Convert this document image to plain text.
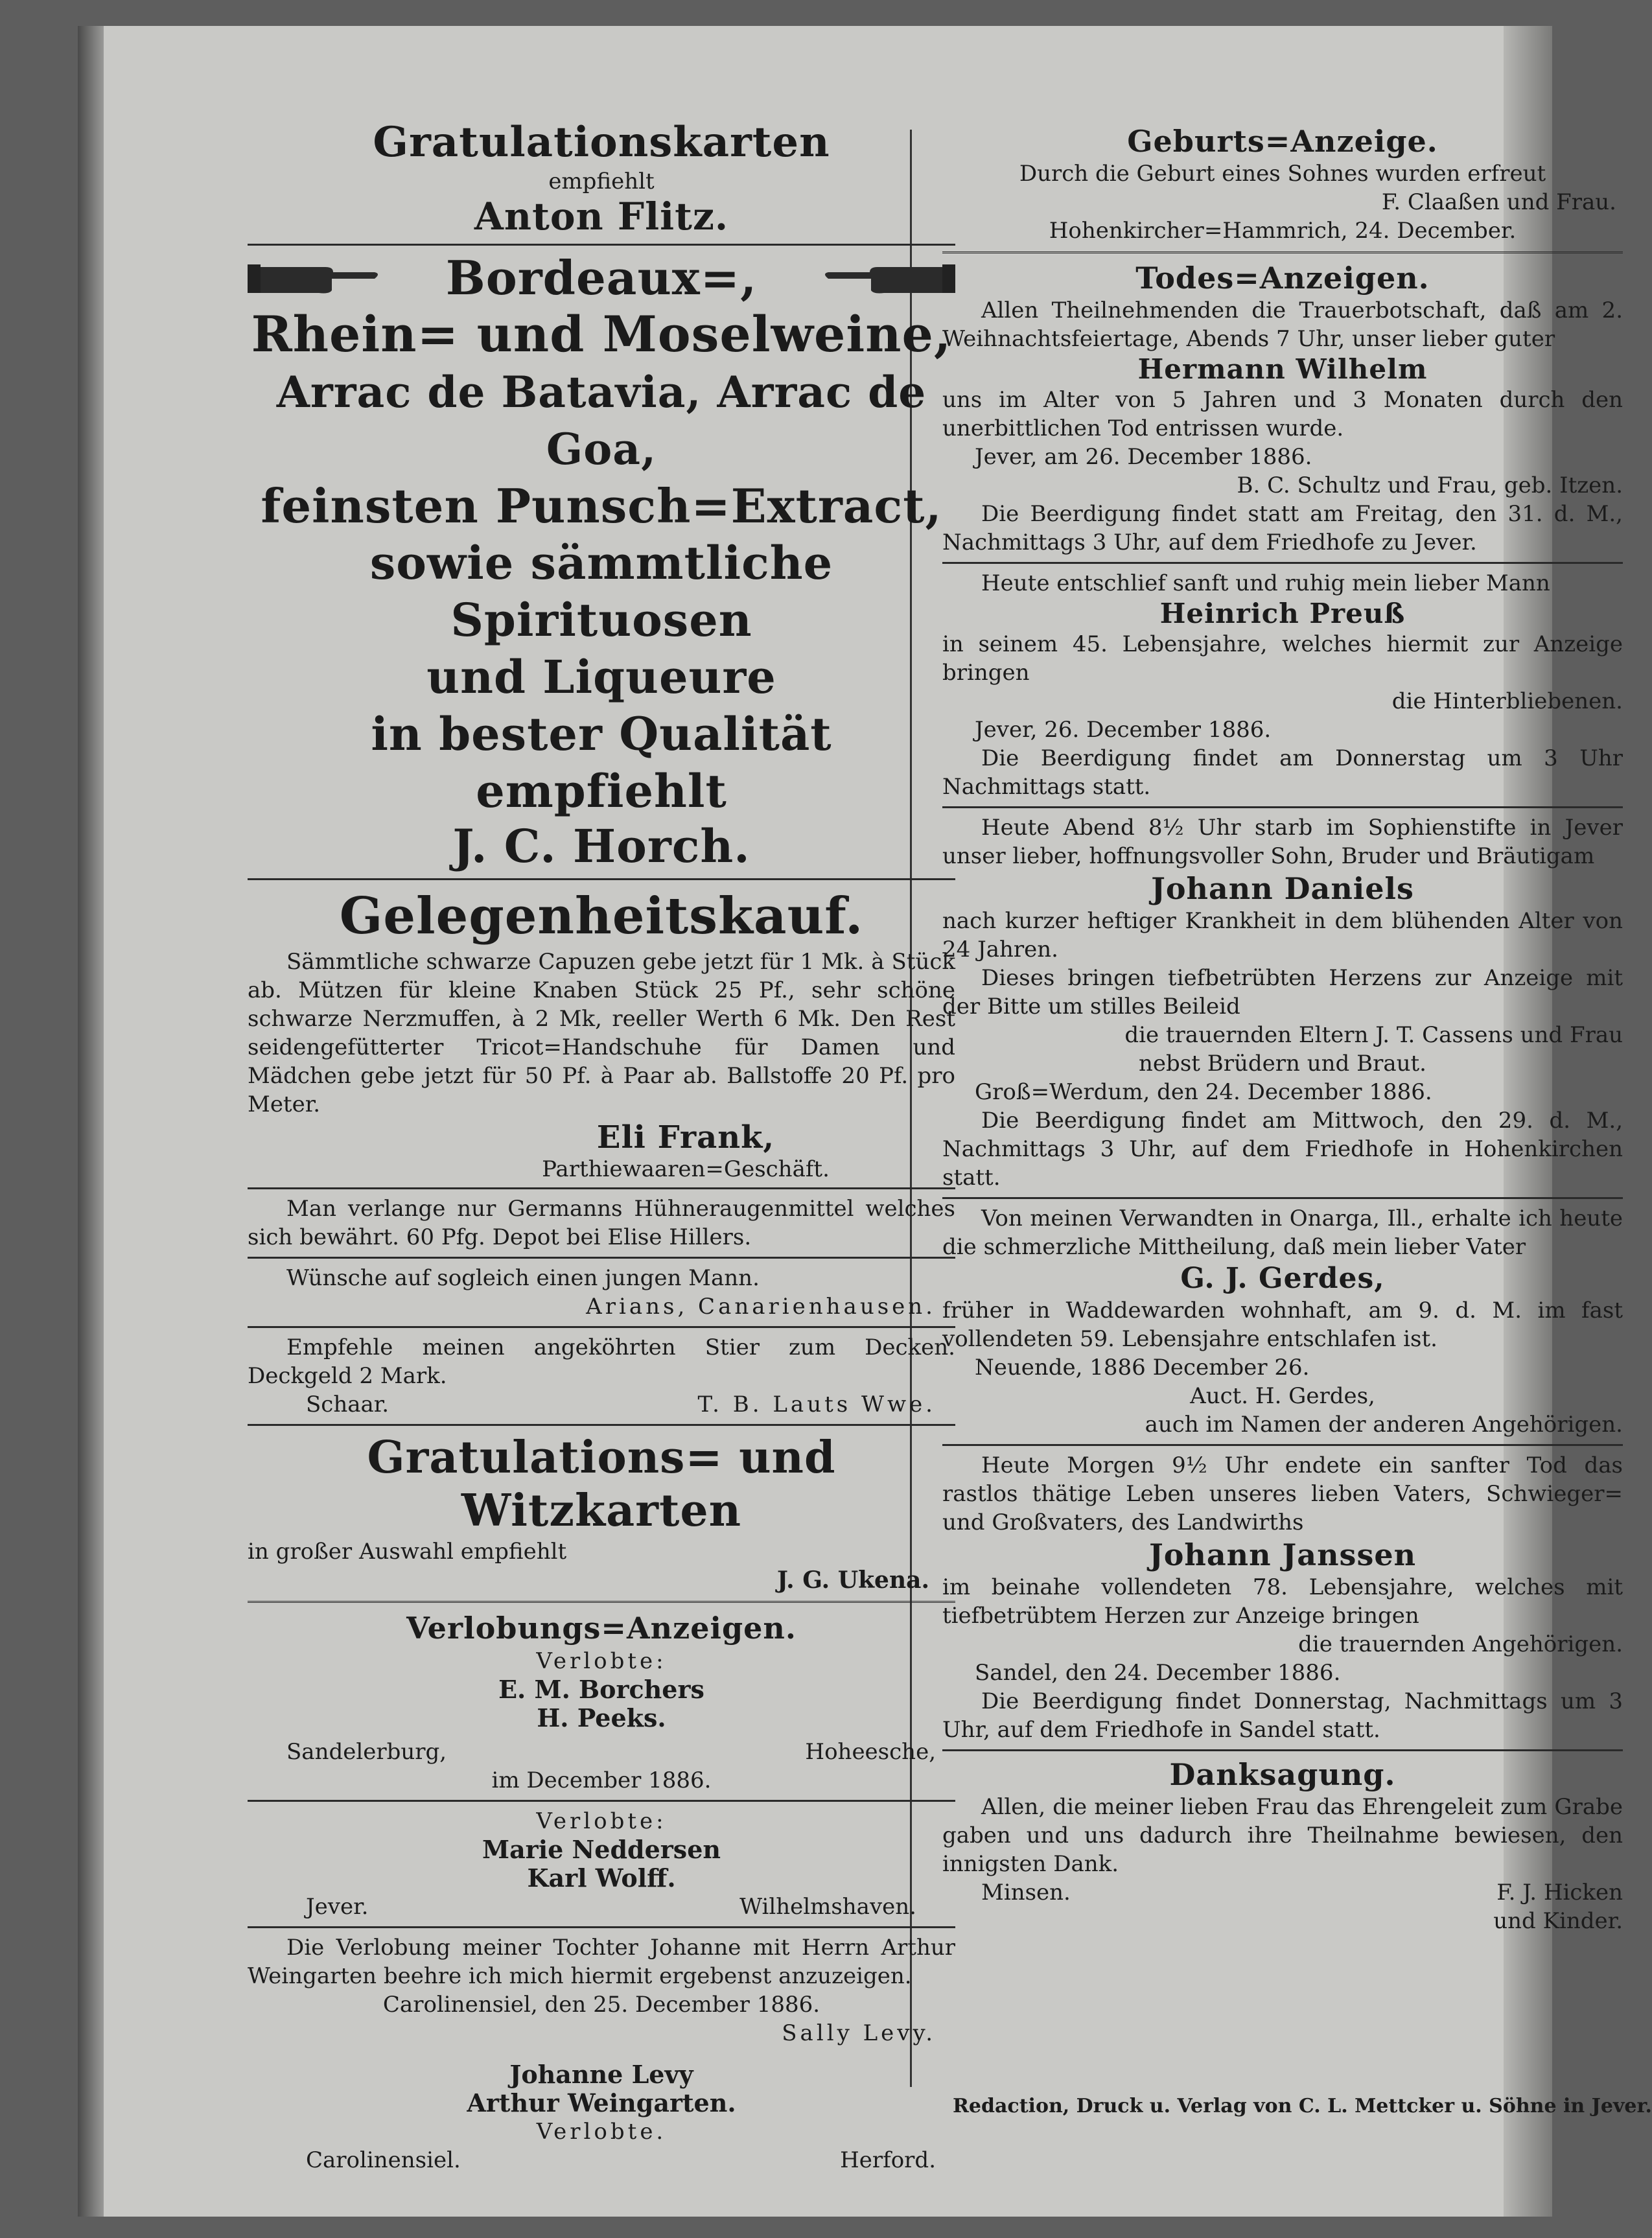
Gratulationskarten
empfiehlt
Anton Flitz.
Bordeaux=,
Rhein= und Moselweine,
Arrac de Batavia, Arrac de Goa,
feinsten Punsch=Extract,
sowie sämmtliche Spirituosen
und Liqueure
in bester Qualität empfiehlt
J. C. Horch.
Gelegenheitskauf.
Sämmtliche schwarze Capuzen gebe jetzt für 1 Mk. à Stück ab. Mützen für kleine Knaben Stück 25 Pf., sehr schöne schwarze Nerzmuffen, à 2 Mk, reeller Werth 6 Mk. Den Rest seidengefütterter Tricot=Handschuhe für Damen und Mädchen gebe jetzt für 50 Pf. à Paar ab. Ballstoffe 20 Pf. pro Meter.
Eli Frank,
Parthiewaaren=Geschäft.
Man verlange nur Germanns Hühneraugenmittel welches sich bewährt. 60 Pfg. Depot bei Elise Hillers.
Wünsche auf sogleich einen jungen Mann.
Arians, Canarienhausen.
Empfehle meinen angeköhrten Stier zum Decken. Deckgeld 2 Mark.
Schaar.	T. B. Lauts Wwe.
Gratulations= und
Witzkarten
in großer Auswahl empfiehlt
J. G. Ukena.
Verlobungs=Anzeigen.
Verlobte:
E. M. Borchers
H. Peeks.
Sandelerburg,	Hoheesche,
im December 1886.
Verlobte:
Marie Neddersen
Karl Wolff.
Jever.	Wilhelmshaven.
Die Verlobung meiner Tochter Johanne mit Herrn Arthur Weingarten beehre ich mich hiermit ergebenst anzuzeigen.
Carolinensiel, den 25. December 1886.
Sally Levy.
Johanne Levy
Arthur Weingarten.
Verlobte.
Carolinensiel.	Herford.
Geburts=Anzeige.
Durch die Geburt eines Sohnes wurden erfreut
F. Claaßen und Frau.
Hohenkircher=Hammrich, 24. December.
Todes=Anzeigen.
Allen Theilnehmenden die Trauerbotschaft, daß am 2. Weihnachtsfeiertage, Abends 7 Uhr, unser lieber guter
Hermann Wilhelm
uns im Alter von 5 Jahren und 3 Monaten durch den unerbittlichen Tod entrissen wurde.
Jever, am 26. December 1886.
B. C. Schultz und Frau, geb. Itzen.
Die Beerdigung findet statt am Freitag, den 31. d. M., Nachmittags 3 Uhr, auf dem Friedhofe zu Jever.
Heute entschlief sanft und ruhig mein lieber Mann
Heinrich Preuß
in seinem 45. Lebensjahre, welches hiermit zur Anzeige bringen
die Hinterbliebenen.
Jever, 26. December 1886.
Die Beerdigung findet am Donnerstag um 3 Uhr Nachmittags statt.
Heute Abend 8½ Uhr starb im Sophienstifte in Jever unser lieber, hoffnungsvoller Sohn, Bruder und Bräutigam
Johann Daniels
nach kurzer heftiger Krankheit in dem blühenden Alter von 24 Jahren.
Dieses bringen tiefbetrübten Herzens zur Anzeige mit der Bitte um stilles Beileid
die trauernden Eltern J. T. Cassens und Frau
nebst Brüdern und Braut.
Groß=Werdum, den 24. December 1886.
Die Beerdigung findet am Mittwoch, den 29. d. M., Nachmittags 3 Uhr, auf dem Friedhofe in Hohenkirchen statt.
Von meinen Verwandten in Onarga, Ill., erhalte ich heute die schmerzliche Mittheilung, daß mein lieber Vater
G. J. Gerdes,
früher in Waddewarden wohnhaft, am 9. d. M. im fast vollendeten 59. Lebensjahre entschlafen ist.
Neuende, 1886 December 26.
Auct. H. Gerdes,
auch im Namen der anderen Angehörigen.
Heute Morgen 9½ Uhr endete ein sanfter Tod das rastlos thätige Leben unseres lieben Vaters, Schwieger= und Großvaters, des Landwirths
Johann Janssen
im beinahe vollendeten 78. Lebensjahre, welches mit tiefbetrübtem Herzen zur Anzeige bringen
die trauernden Angehörigen.
Sandel, den 24. December 1886.
Die Beerdigung findet Donnerstag, Nachmittags um 3 Uhr, auf dem Friedhofe in Sandel statt.
Danksagung.
Allen, die meiner lieben Frau das Ehrengeleit zum Grabe gaben und uns dadurch ihre Theilnahme bewiesen, den innigsten Dank.
Minsen.	F. J. Hicken
und Kinder.
Redaction, Druck u. Verlag von C. L. Mettcker u. Söhne in Jever.
